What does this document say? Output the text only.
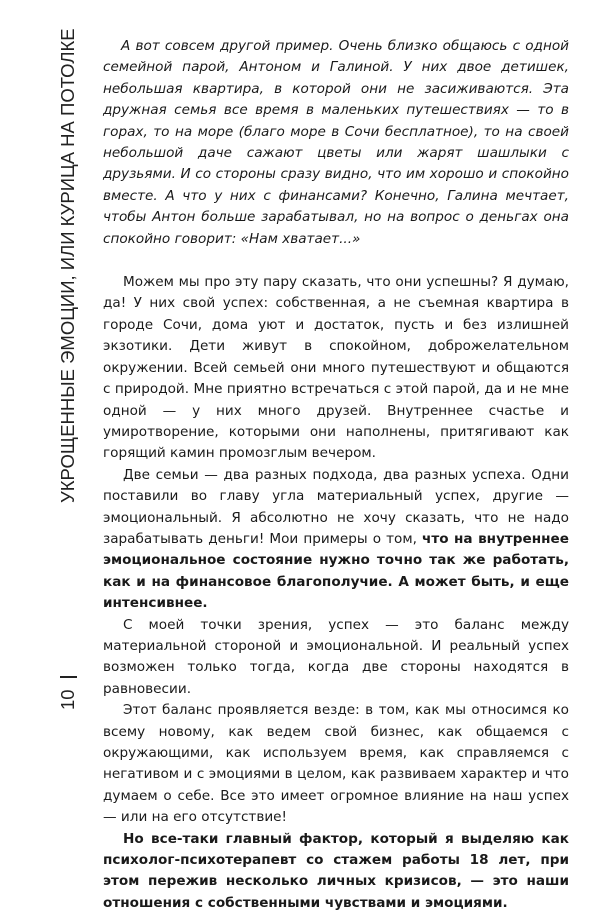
УКРОЩЕННЫЕ ЭМОЦИИ, ИЛИ КУРИЦА НА ПОТОЛКЕ
10

А вот совсем другой пример. Очень близко общаюсь с одной семейной парой, Антоном и Галиной. У них двое детишек, небольшая квартира, в которой они не засиживаются. Эта дружная семья все время в маленьких путешествиях — то в горах, то на море (благо море в Сочи бесплатное), то на своей небольшой даче сажают цветы или жарят шашлыки с друзьями. И со стороны сразу видно, что им хорошо и спокойно вместе. А что у них с финансами? Конечно, Галина мечтает, чтобы Антон больше зарабатывал, но на вопрос о деньгах она спокойно говорит: «Нам хватает...»

Можем мы про эту пару сказать, что они успешны? Я думаю, да! У них свой успех: собственная, а не съемная квартира в городе Сочи, дома уют и достаток, пусть и без излишней экзотики. Дети живут в спокойном, доброжелательном окружении. Всей семьей они много путешествуют и общаются с природой. Мне приятно встречаться с этой парой, да и не мне одной — у них много друзей. Внутреннее счастье и умиротворение, которыми они наполнены, притягивают как горящий камин промозглым вечером.

Две семьи — два разных подхода, два разных успеха. Одни поставили во главу угла материальный успех, другие — эмоциональный. Я абсолютно не хочу сказать, что не надо зарабатывать деньги! Мои примеры о том, что на внутреннее эмоциональное состояние нужно точно так же работать, как и на финансовое благополучие. А может быть, и еще интенсивнее.

С моей точки зрения, успех — это баланс между материальной стороной и эмоциональной. И реальный успех возможен только тогда, когда две стороны находятся в равновесии.

Этот баланс проявляется везде: в том, как мы относимся ко всему новому, как ведем свой бизнес, как общаемся с окружающими, как используем время, как справляемся с негативом и с эмоциями в целом, как развиваем характер и что думаем о себе. Все это имеет огромное влияние на наш успех — или на его отсутствие!

Но все-таки главный фактор, который я выделяю как психолог-психотерапевт со стажем работы 18 лет, при этом пережив несколько личных кризисов, — это наши отношения с собственными чувствами и эмоциями.
